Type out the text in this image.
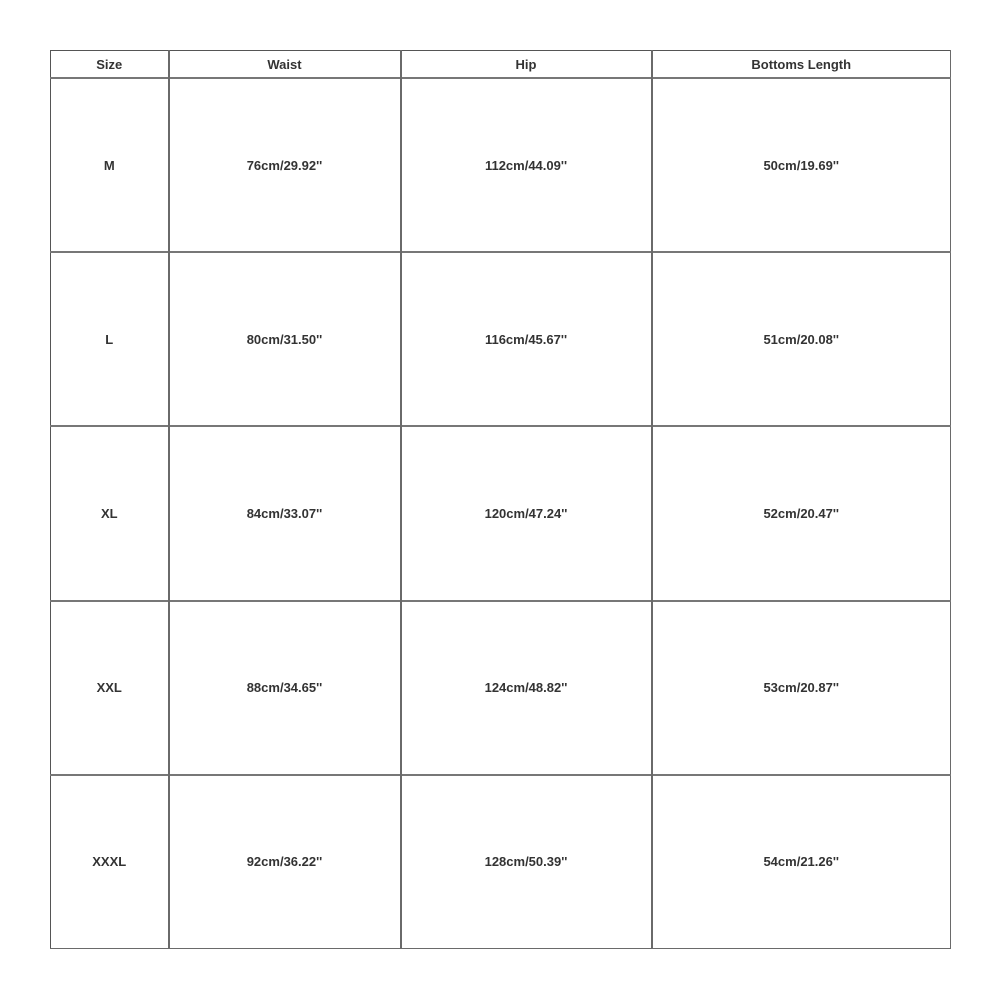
Size	Waist	Hip	Bottoms Length
M	76cm/29.92''	112cm/44.09''	50cm/19.69''
L	80cm/31.50''	116cm/45.67''	51cm/20.08''
XL	84cm/33.07''	120cm/47.24''	52cm/20.47''
XXL	88cm/34.65''	124cm/48.82''	53cm/20.87''
XXXL	92cm/36.22''	128cm/50.39''	54cm/21.26''
